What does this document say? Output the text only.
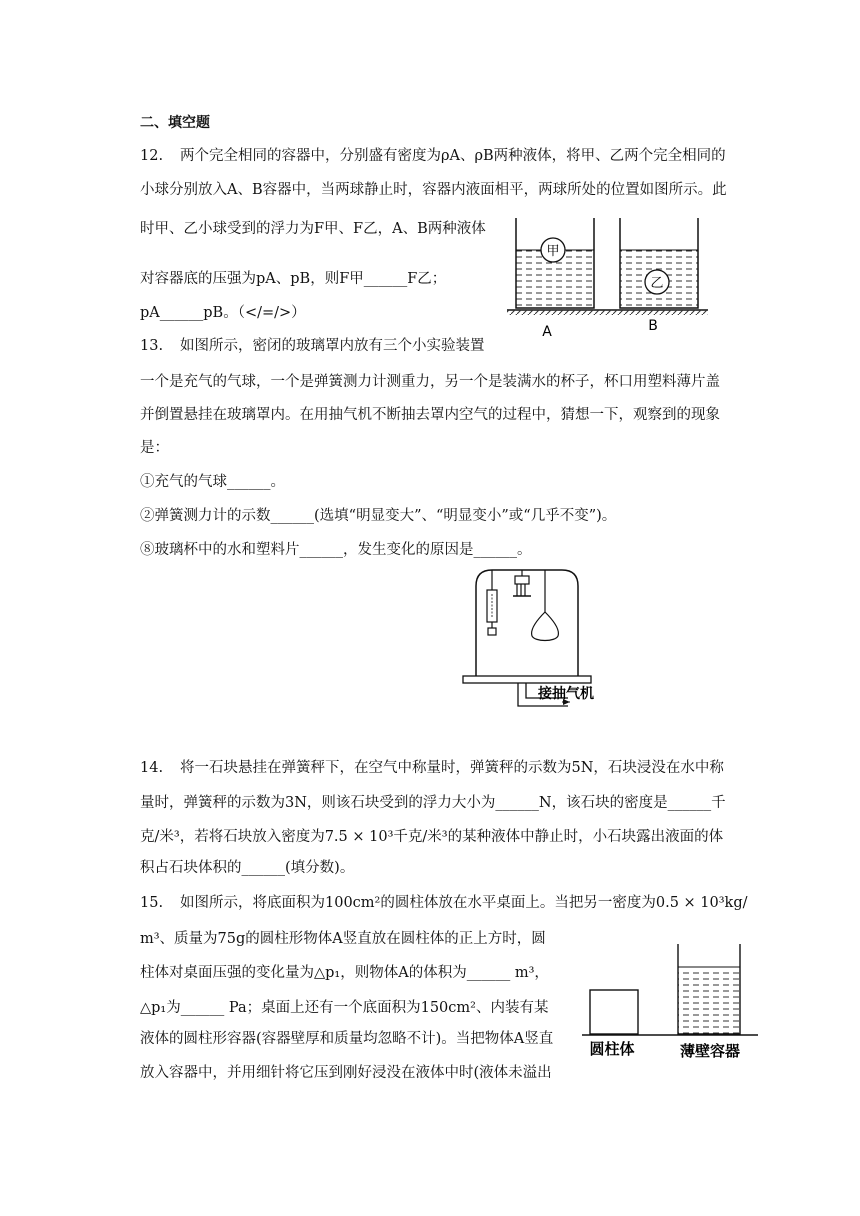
二、填空题
12. 两个完全相同的容器中，分别盛有密度为ρA、ρB两种液体，将甲、乙两个完全相同的
小球分别放入A、B容器中，当两球静止时，容器内液面相平，两球所处的位置如图所示。此
时甲、乙小球受到的浮力为F甲、F乙，A、B两种液体
对容器底的压强为pA、pB，则F甲______F乙；
pA______pB。（</=/>）
甲
乙
A	B
13. 如图所示，密闭的玻璃罩内放有三个小实验装置
一个是充气的气球，一个是弹簧测力计测重力，另一个是装满水的杯子，杯口用塑料薄片盖
并倒置悬挂在玻璃罩内。在用抽气机不断抽去罩内空气的过程中，猜想一下，观察到的现象
是：
①充气的气球______。
②弹簧测力计的示数______(选填“明显变大”、“明显变小”或“几乎不变”)。
⑧玻璃杯中的水和塑料片______，发生变化的原因是______。
接抽气机
14. 将一石块悬挂在弹簧秤下，在空气中称量时，弹簧秤的示数为5N，石块浸没在水中称
量时，弹簧秤的示数为3N，则该石块受到的浮力大小为______N，该石块的密度是______千
克/米³，若将石块放入密度为7.5 × 10³千克/米³的某种液体中静止时，小石块露出液面的体
积占石块体积的______(填分数)。
15. 如图所示，将底面积为100cm²的圆柱体放在水平桌面上。当把另一密度为0.5 × 10³kg/
m³、质量为75g的圆柱形物体A竖直放在圆柱体的正上方时，圆
柱体对桌面压强的变化量为△p₁，则物体A的体积为______ m³，
△p₁为______ Pa；桌面上还有一个底面积为150cm²、内装有某
液体的圆柱形容器(容器壁厚和质量均忽略不计)。当把物体A竖直
放入容器中，并用细针将它压到刚好浸没在液体中时(液体未溢出
圆柱体	薄壁容器
